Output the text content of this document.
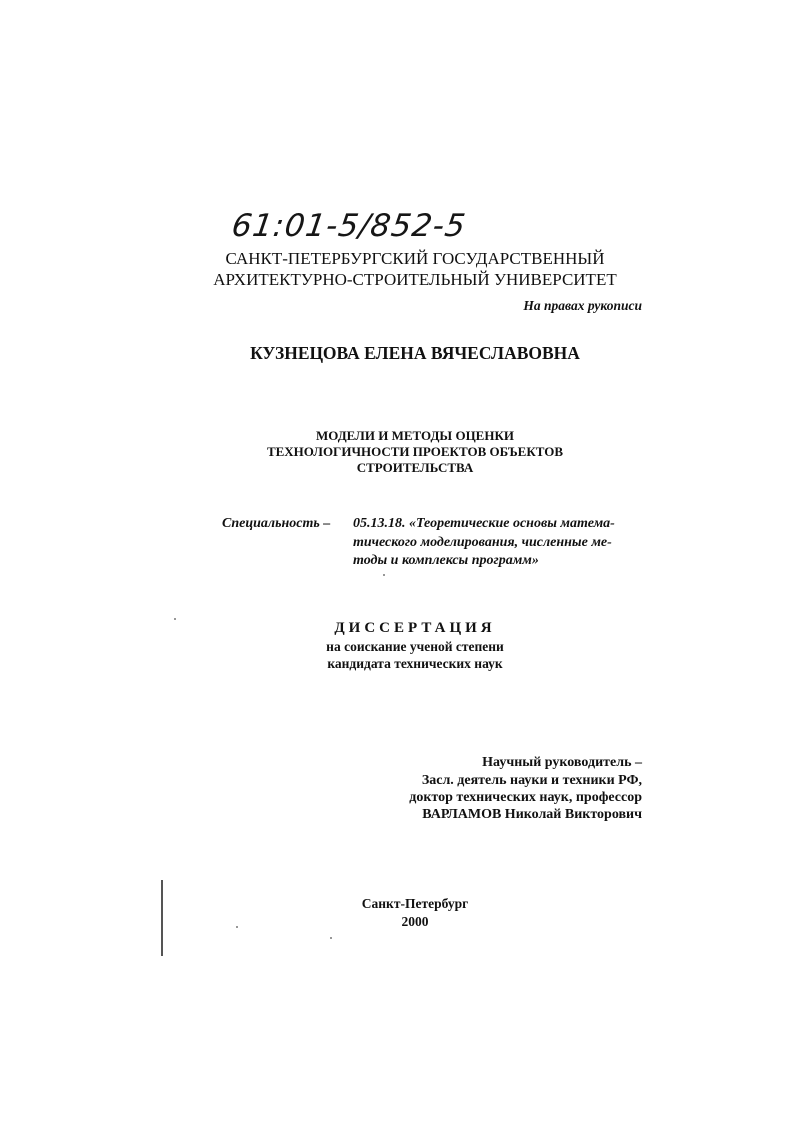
61:01-5/852-5
САНКТ-ПЕТЕРБУРГСКИЙ ГОСУДАРСТВЕННЫЙ
АРХИТЕКТУРНО-СТРОИТЕЛЬНЫЙ УНИВЕРСИТЕТ
На правах рукописи
КУЗНЕЦОВА ЕЛЕНА ВЯЧЕСЛАВОВНА
МОДЕЛИ И МЕТОДЫ ОЦЕНКИ
ТЕХНОЛОГИЧНОСТИ ПРОЕКТОВ ОБЪЕКТОВ
СТРОИТЕЛЬСТВА
Специальность – 05.13.18. «Теоретические основы матема-
тического моделирования, численные ме-
тоды и комплексы программ»
ДИССЕРТАЦИЯ
на соискание ученой степени
кандидата технических наук
Научный руководитель –
Засл. деятель науки и техники РФ,
доктор технических наук, профессор
ВАРЛАМОВ Николай Викторович
Санкт-Петербург
2000
